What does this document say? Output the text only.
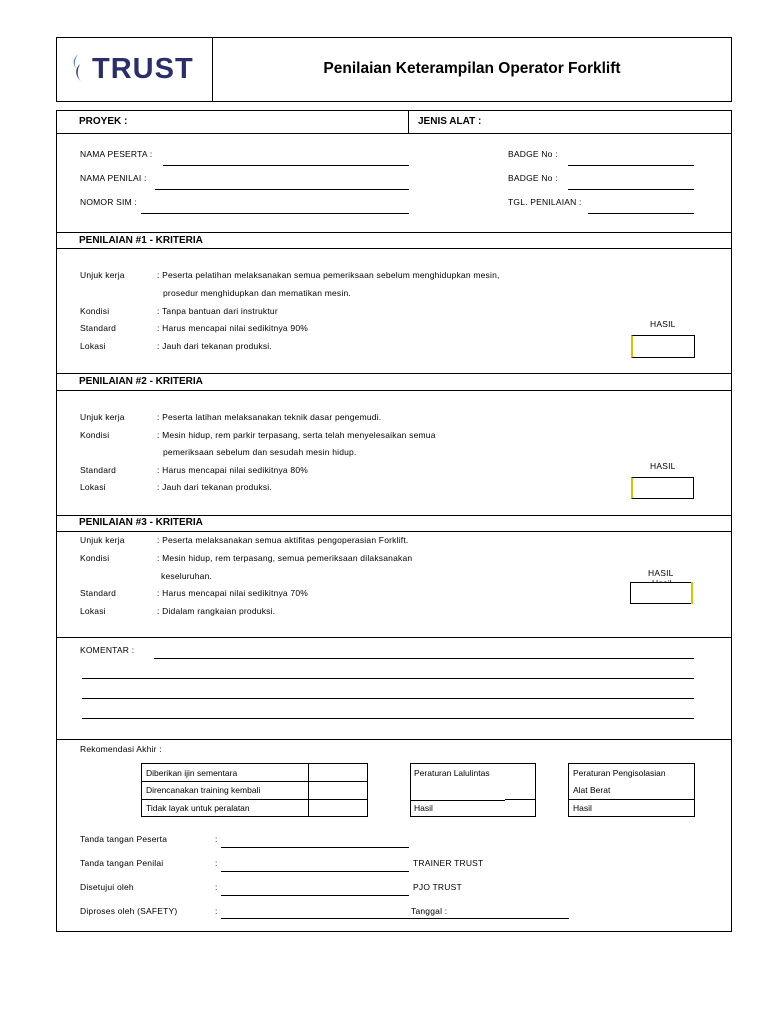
TRUST	Penilaian Keterampilan Operator Forklift
PROYEK :	JENIS ALAT :
NAMA PESERTA :
NAMA PENILAI :
NOMOR SIM :
BADGE No :
BADGE No :
TGL. PENILAIAN :
PENILAIAN #1 - KRITERIA
Unjuk kerja	: Peserta pelatihan melaksanakan semua pemeriksaan sebelum menghidupkan mesin,
prosedur menghidupkan dan mematikan mesin.
Kondisi	: Tanpa bantuan dari instruktur
Standard	: Harus mencapai nilai sedikitnya 90%
Lokasi	: Jauh dari tekanan produksi.
HASIL
PENILAIAN #2 - KRITERIA
Unjuk kerja	: Peserta latihan melaksanakan teknik dasar pengemudi.
Kondisi	: Mesin hidup, rem parkir terpasang, serta telah menyelesaikan semua
pemeriksaan sebelum dan sesudah mesin hidup.
Standard	: Harus mencapai nilai sedikitnya 80%
Lokasi	: Jauh dari tekanan produksi.
HASIL
PENILAIAN #3 - KRITERIA
Unjuk kerja	: Peserta melaksanakan semua aktifitas pengoperasian Forklift.
Kondisi	: Mesin hidup, rem terpasang, semua pemeriksaan dilaksanakan
keseluruhan.
Standard	: Harus mencapai nilai sedikitnya 70%
Lokasi	: Didalam rangkaian produksi.
HASIL
KOMENTAR :
Rekomendasi Akhir :
Diberikan ijin sementara
Direncanakan training kembali
Tidak layak untuk peralatan
Peraturan Lalulintas
Hasil
Peraturan Pengisolasian
Alat Berat
Hasil
Tanda tangan Peserta	:
Tanda tangan Penilai	:	TRAINER TRUST
Disetujui oleh	:	PJO TRUST
Diproses oleh (SAFETY)	:	Tanggal :
